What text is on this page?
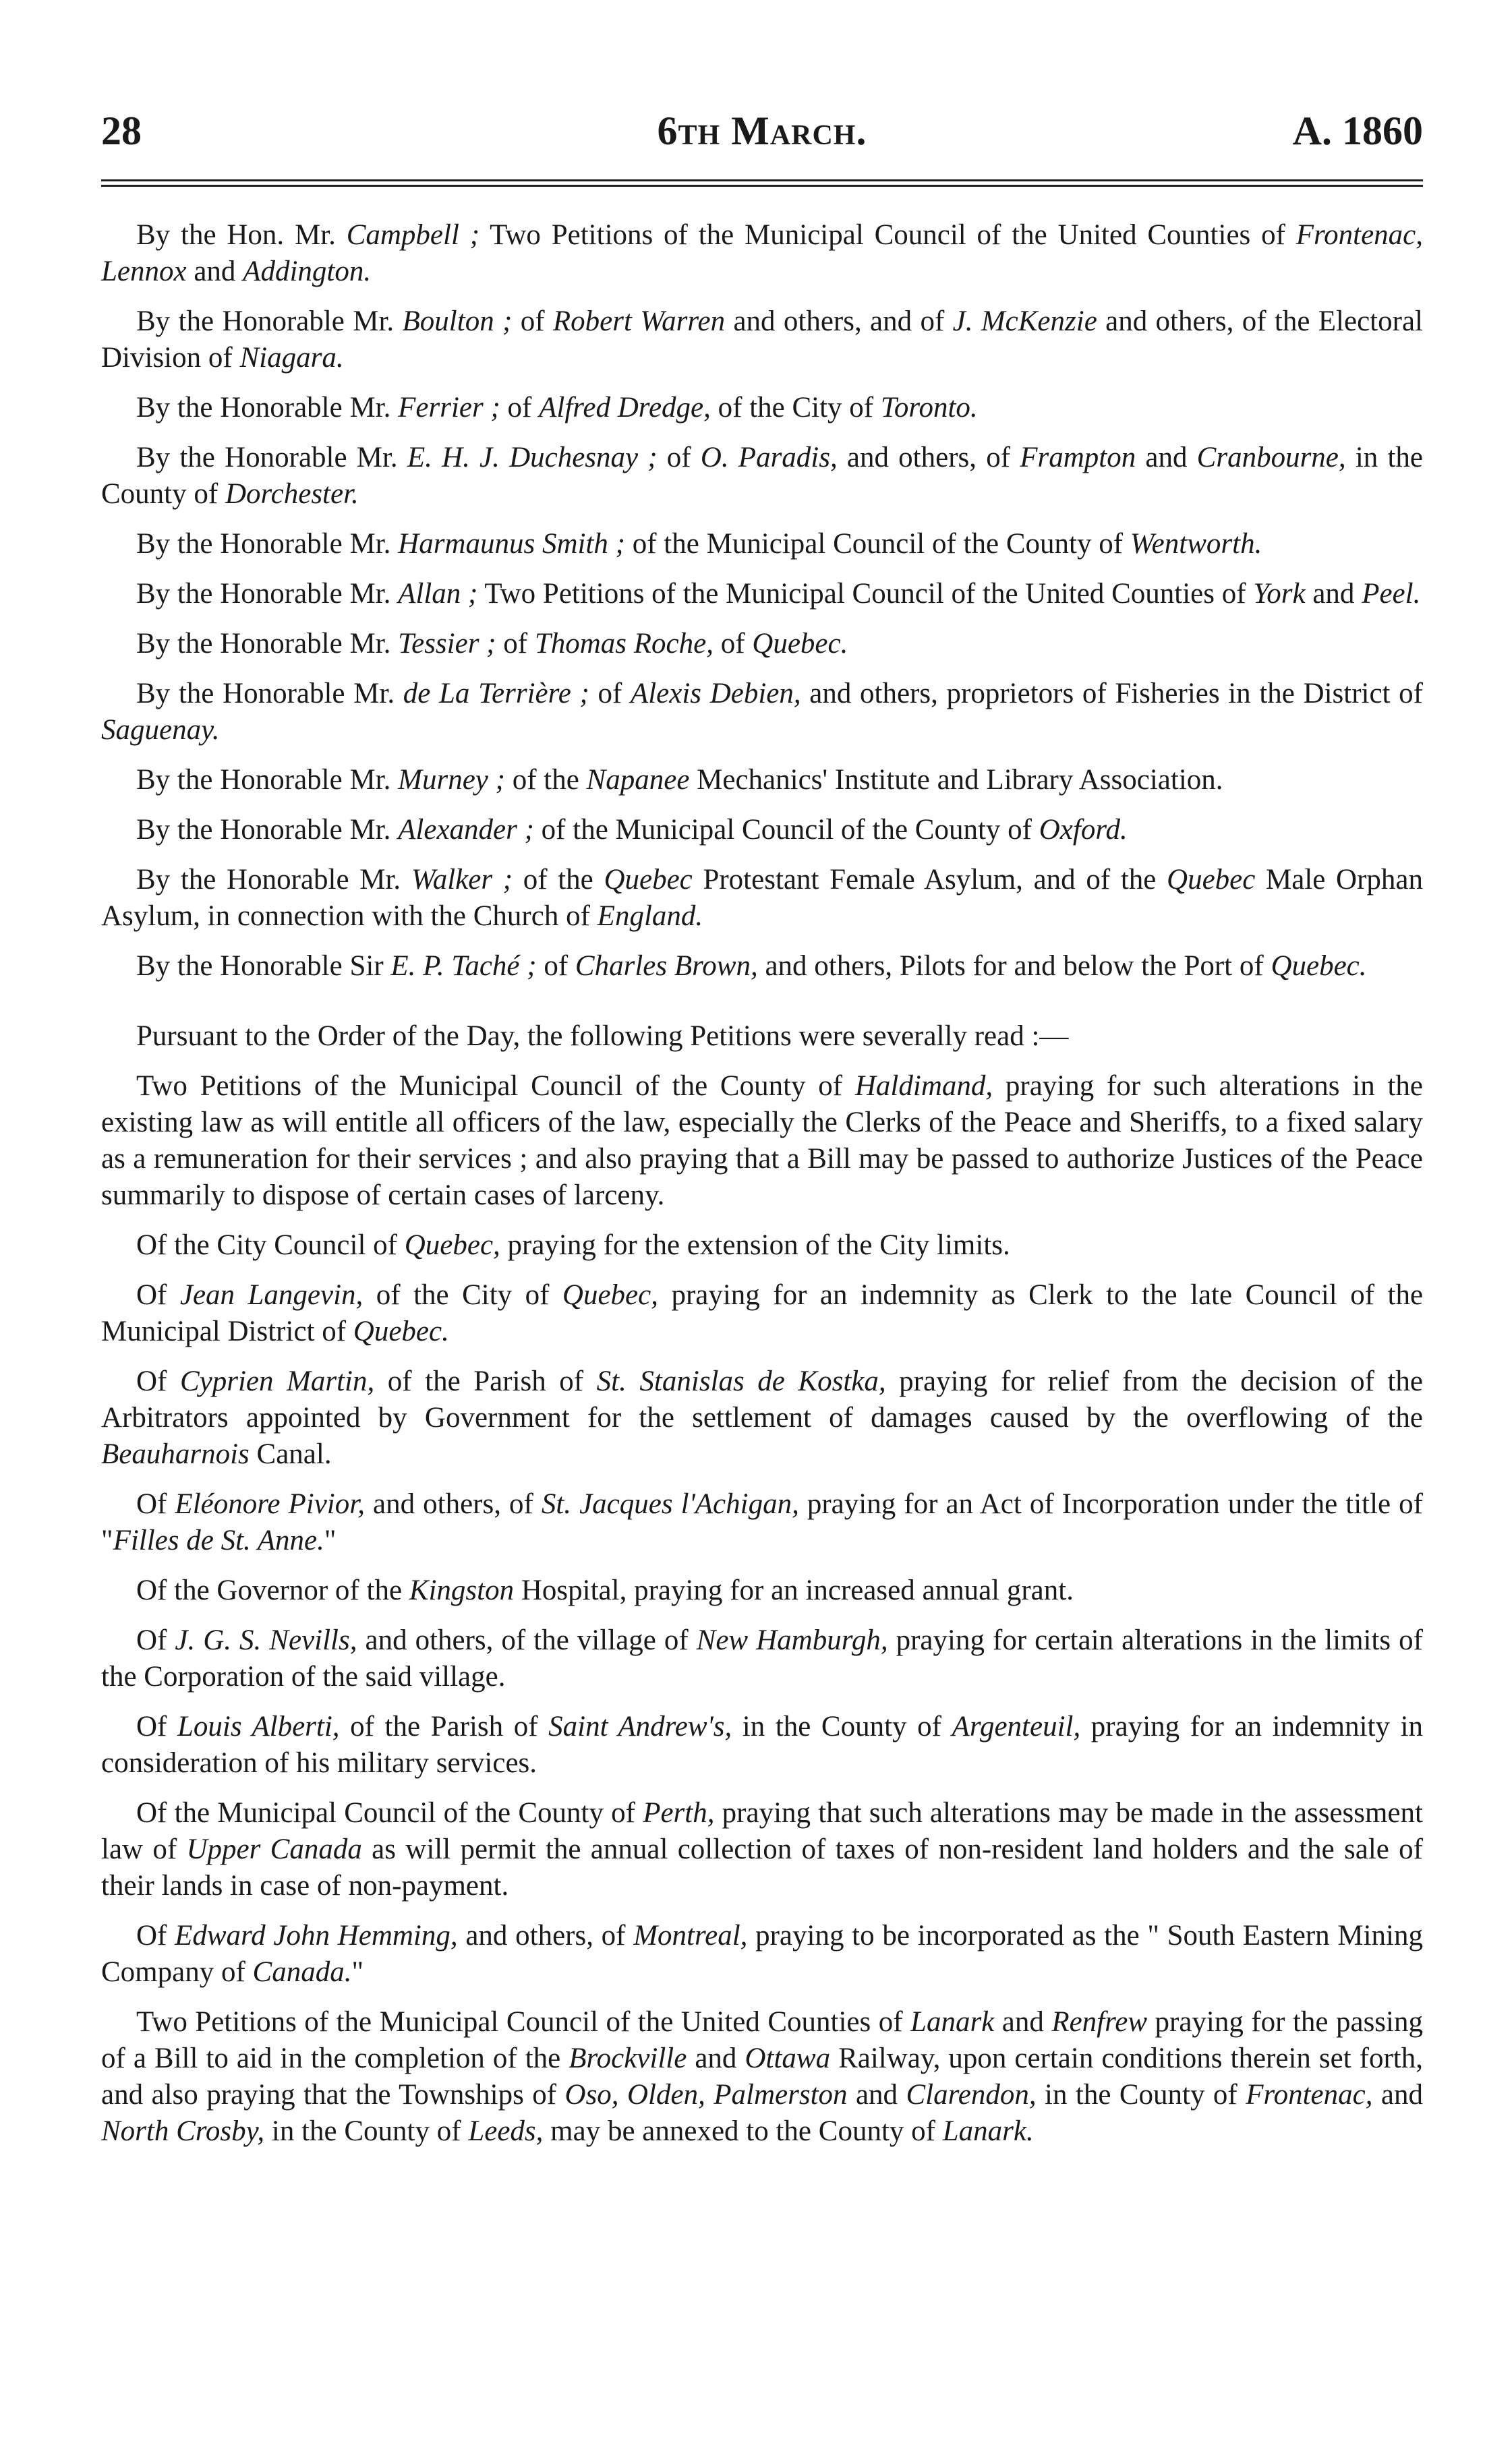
28	6th March.	A. 1860

By the Hon. Mr. Campbell ; Two Petitions of the Municipal Council of the United Counties of Frontenac, Lennox and Addington.

By the Honorable Mr. Boulton ; of Robert Warren and others, and of J. McKenzie and others, of the Electoral Division of Niagara.

By the Honorable Mr. Ferrier ; of Alfred Dredge, of the City of Toronto.

By the Honorable Mr. E. H. J. Duchesnay ; of O. Paradis, and others, of Frampton and Cranbourne, in the County of Dorchester.

By the Honorable Mr. Harmaunus Smith ; of the Municipal Council of the County of Wentworth.

By the Honorable Mr. Allan ; Two Petitions of the Municipal Council of the United Counties of York and Peel.

By the Honorable Mr. Tessier ; of Thomas Roche, of Quebec.

By the Honorable Mr. de La Terrière ; of Alexis Debien, and others, proprietors of Fisheries in the District of Saguenay.

By the Honorable Mr. Murney ; of the Napanee Mechanics' Institute and Library Association.

By the Honorable Mr. Alexander ; of the Municipal Council of the County of Oxford.

By the Honorable Mr. Walker ; of the Quebec Protestant Female Asylum, and of the Quebec Male Orphan Asylum, in connection with the Church of England.

By the Honorable Sir E. P. Taché ; of Charles Brown, and others, Pilots for and below the Port of Quebec.

Pursuant to the Order of the Day, the following Petitions were severally read :—

Two Petitions of the Municipal Council of the County of Haldimand, praying for such alterations in the existing law as will entitle all officers of the law, especially the Clerks of the Peace and Sheriffs, to a fixed salary as a remuneration for their services ; and also praying that a Bill may be passed to authorize Justices of the Peace summarily to dispose of certain cases of larceny.

Of the City Council of Quebec, praying for the extension of the City limits.

Of Jean Langevin, of the City of Quebec, praying for an indemnity as Clerk to the late Council of the Municipal District of Quebec.

Of Cyprien Martin, of the Parish of St. Stanislas de Kostka, praying for relief from the decision of the Arbitrators appointed by Government for the settlement of damages caused by the overflowing of the Beauharnois Canal.

Of Eléonore Pivior, and others, of St. Jacques l'Achigan, praying for an Act of Incorporation under the title of "Filles de St. Anne."

Of the Governor of the Kingston Hospital, praying for an increased annual grant.

Of J. G. S. Nevills, and others, of the village of New Hamburgh, praying for certain alterations in the limits of the Corporation of the said village.

Of Louis Alberti, of the Parish of Saint Andrew's, in the County of Argenteuil, praying for an indemnity in consideration of his military services.

Of the Municipal Council of the County of Perth, praying that such alterations may be made in the assessment law of Upper Canada as will permit the annual collection of taxes of non-resident land holders and the sale of their lands in case of non-payment.

Of Edward John Hemming, and others, of Montreal, praying to be incorporated as the " South Eastern Mining Company of Canada."

Two Petitions of the Municipal Council of the United Counties of Lanark and Renfrew praying for the passing of a Bill to aid in the completion of the Brockville and Ottawa Railway, upon certain conditions therein set forth, and also praying that the Townships of Oso, Olden, Palmerston and Clarendon, in the County of Frontenac, and North Crosby, in the County of Leeds, may be annexed to the County of Lanark.
